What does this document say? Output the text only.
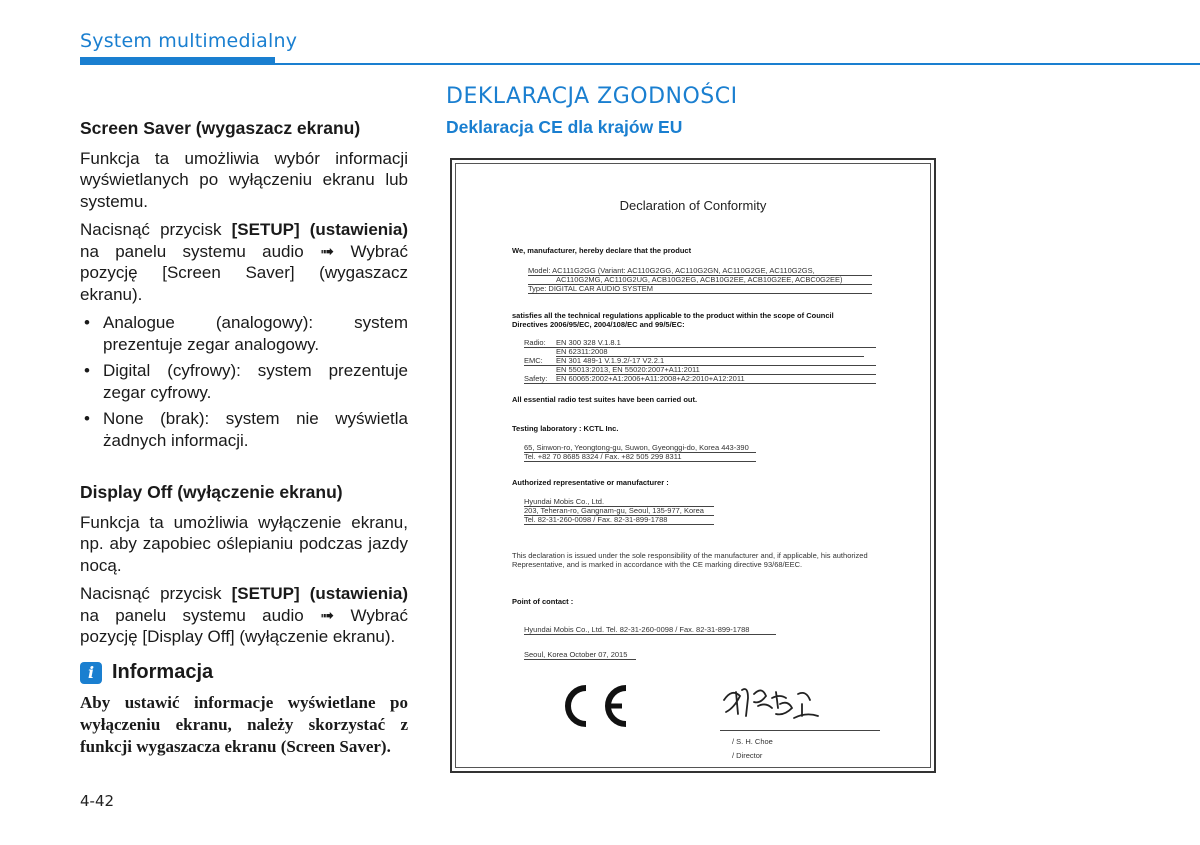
System multimedialny
Screen Saver (wygaszacz ekranu)

Funkcja ta umożliwia wybór informacji wyświetlanych po wyłączeniu ekranu lub systemu.

Nacisnąć przycisk [SETUP] (ustawienia) na panelu systemu audio ➟ Wybrać pozycję [Screen Saver] (wygaszacz ekranu).

• Analogue (analogowy): system prezentuje zegar analogowy.
• Digital (cyfrowy): system prezentuje zegar cyfrowy.
• None (brak): system nie wyświetla żadnych informacji.
Display Off (wyłączenie ekranu)

Funkcja ta umożliwia wyłączenie ekranu, np. aby zapobiec oślepianiu podczas jazdy nocą.

Nacisnąć przycisk [SETUP] (ustawienia) na panelu systemu audio ➟ Wybrać pozycję [Display Off] (wyłączenie ekranu).

i Informacja
Aby ustawić informacje wyświetlane po wyłączeniu ekranu, należy skorzystać z funkcji wygaszacza ekranu (Screen Saver).
DEKLARACJA ZGODNOŚCI
Deklaracja CE dla krajów EU
Declaration of Conformity
We, manufacturer, hereby declare that the product
Model: AC111G2GG (Variant: AC110G2GG, AC110G2GN, AC110G2GE, AC110G2GS,
AC110G2MG, AC110G2UG, ACB10G2EG, ACB10G2EE, ACB10G2EE, ACBC0G2EE)
Type: DIGITAL CAR AUDIO SYSTEM
satisfies all the technical regulations applicable to the product within the scope of Council
Directives 2006/95/EC, 2004/108/EC and 99/5/EC:
Radio: EN 300 328 V.1.8.1
EN 62311:2008
EMC: EN 301 489-1 V.1.9.2/-17 V2.2.1
EN 55013:2013, EN 55020:2007+A11:2011
Safety: EN 60065:2002+A1:2006+A11:2008+A2:2010+A12:2011
All essential radio test suites have been carried out.
Testing laboratory : KCTL Inc.
65, Sinwon-ro, Yeongtong-gu, Suwon, Gyeonggi-do, Korea 443-390
Tel. +82 70 8685 8324 / Fax. +82 505 299 8311
Authorized representative or manufacturer :
Hyundai Mobis Co., Ltd.
203, Teheran-ro, Gangnam-gu, Seoul, 135-977, Korea
Tel. 82-31-260-0098 / Fax. 82-31-899-1788
This declaration is issued under the sole responsibility of the manufacturer and, if applicable, his authorized
Representative, and is marked in accordance with the CE marking directive 93/68/EEC.
Point of contact :
Hyundai Mobis Co., Ltd. Tel. 82-31-260-0098 / Fax. 82-31-899-1788
Seoul, Korea October 07, 2015
/ S. H. Choe
/ Director
4-42
